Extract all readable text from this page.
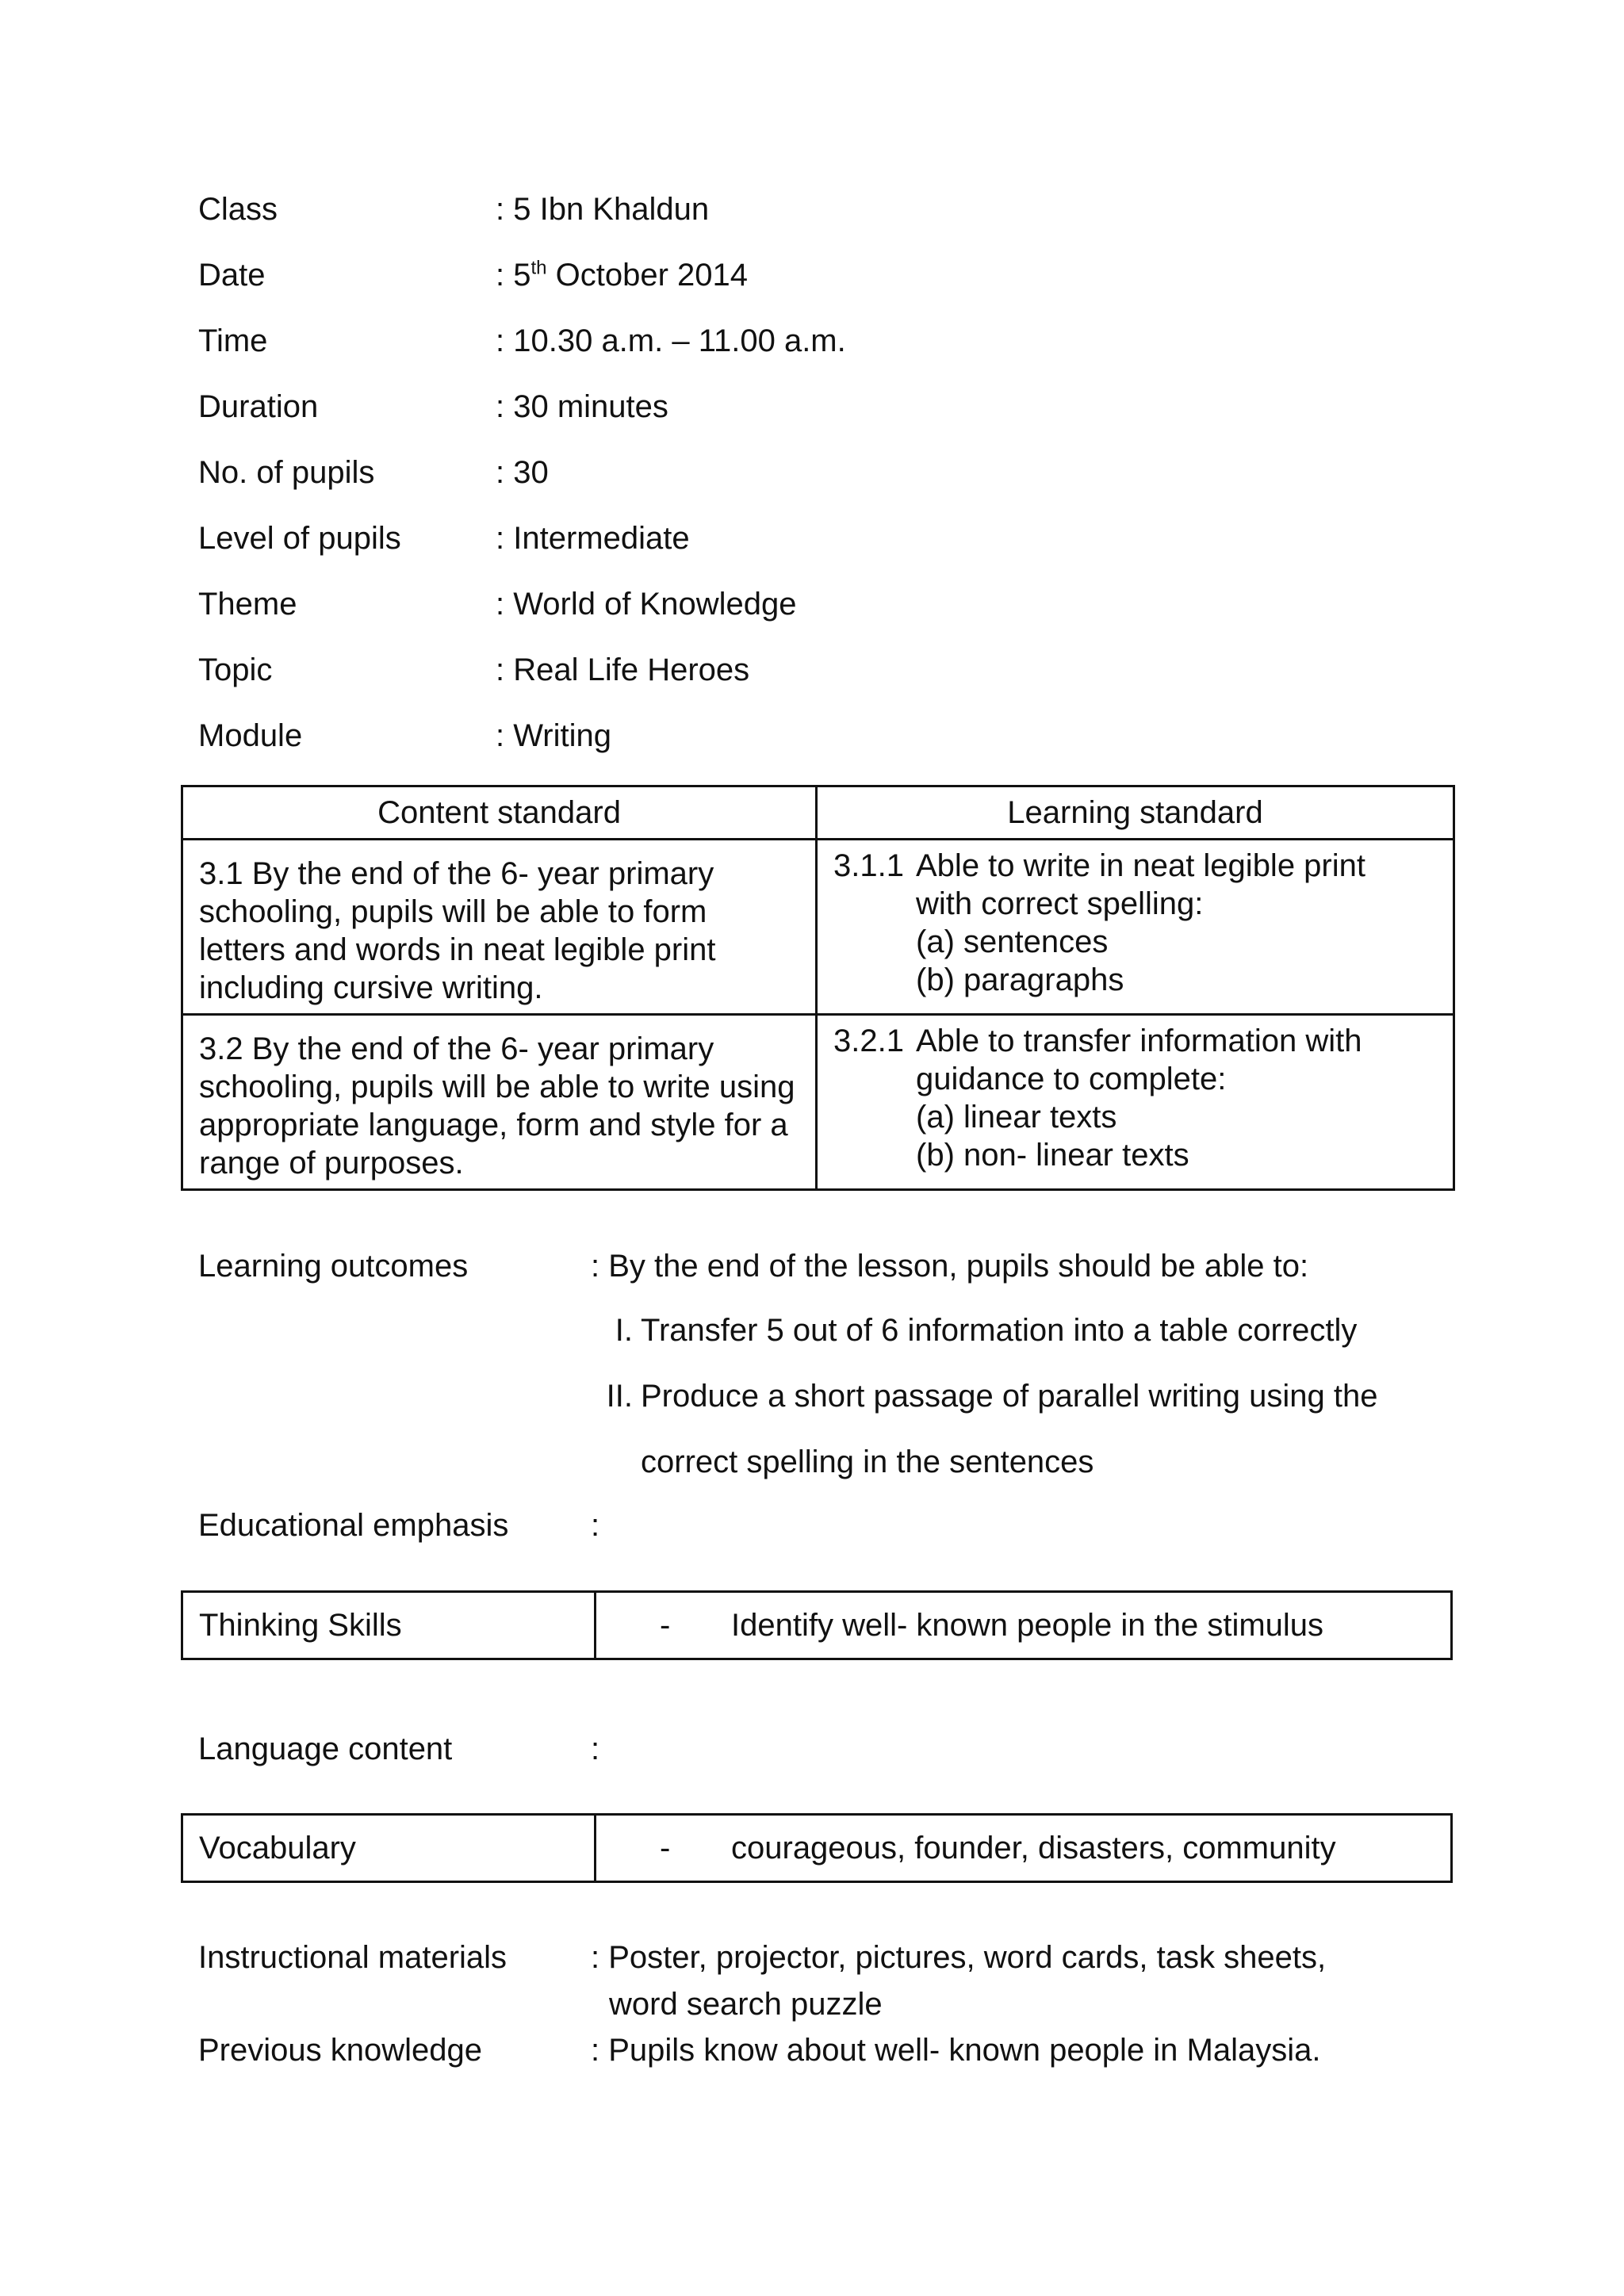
Class	: 5 Ibn Khaldun
Date	: 5th October 2014
Time	: 10.30 a.m. – 11.00 a.m.
Duration	: 30 minutes
No. of pupils	: 30
Level of pupils	: Intermediate
Theme	: World of Knowledge
Topic	: Real Life Heroes
Module	: Writing
Content standard	Learning standard

3.1 By the end of the 6- year primary schooling, pupils will be able to form letters and words in neat legible print including cursive writing.	3.1.1 Able to write in neat legible print
with correct spelling:
(a) sentences
(b) paragraphs

3.2 By the end of the 6- year primary schooling, pupils will be able to write using appropriate language, form and style for a range of purposes.	3.2.1 Able to transfer information with
guidance to complete:
(a) linear texts
(b) non- linear texts
Learning outcomes	: By the end of the lesson, pupils should be able to:
I. Transfer 5 out of 6 information into a table correctly
II. Produce a short passage of parallel writing using the
correct spelling in the sentences
Educational emphasis	:
Thinking Skills	- Identify well- known people in the stimulus
Language content	:
Vocabulary	- courageous, founder, disasters, community
Instructional materials	: Poster, projector, pictures, word cards, task sheets,
word search puzzle
Previous knowledge	: Pupils know about well- known people in Malaysia.
